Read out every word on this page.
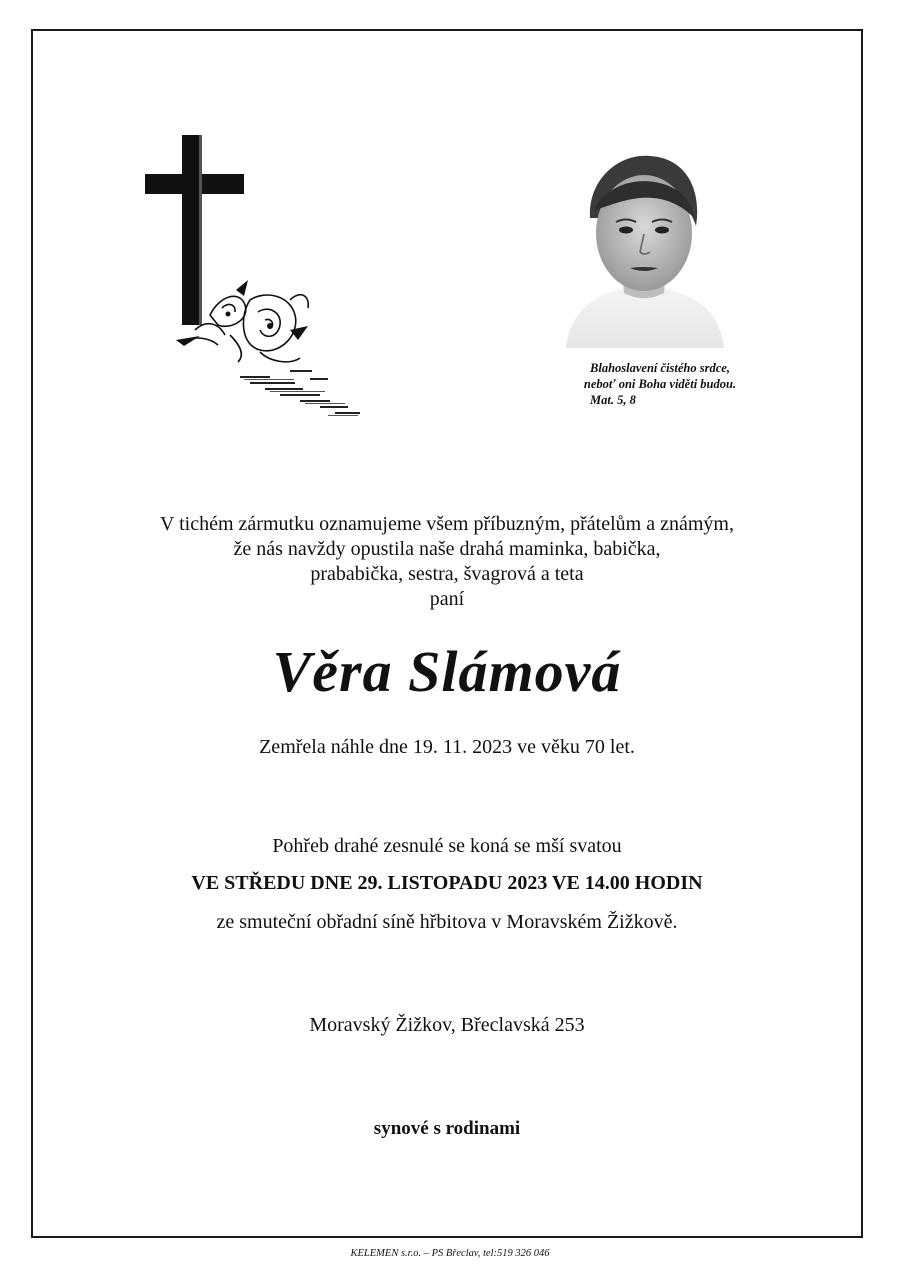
Blahoslavení čistého srdce,
neboť oni Boha viděti budou.
Mat. 5, 8
V tichém zármutku oznamujeme všem příbuzným, přátelům a známým,
že nás navždy opustila naše drahá maminka, babička,
prababička, sestra, švagrová a teta
paní
Věra Slámová
Zemřela náhle dne 19. 11. 2023 ve věku 70 let.
Pohřeb drahé zesnulé se koná se mší svatou
VE STŘEDU DNE 29. LISTOPADU 2023 VE 14.00 HODIN
ze smuteční obřadní síně hřbitova v Moravském Žižkově.
Moravský Žižkov, Břeclavská 253
synové s rodinami
KELEMEN s.r.o. – PS Břeclav, tel:519 326 046
